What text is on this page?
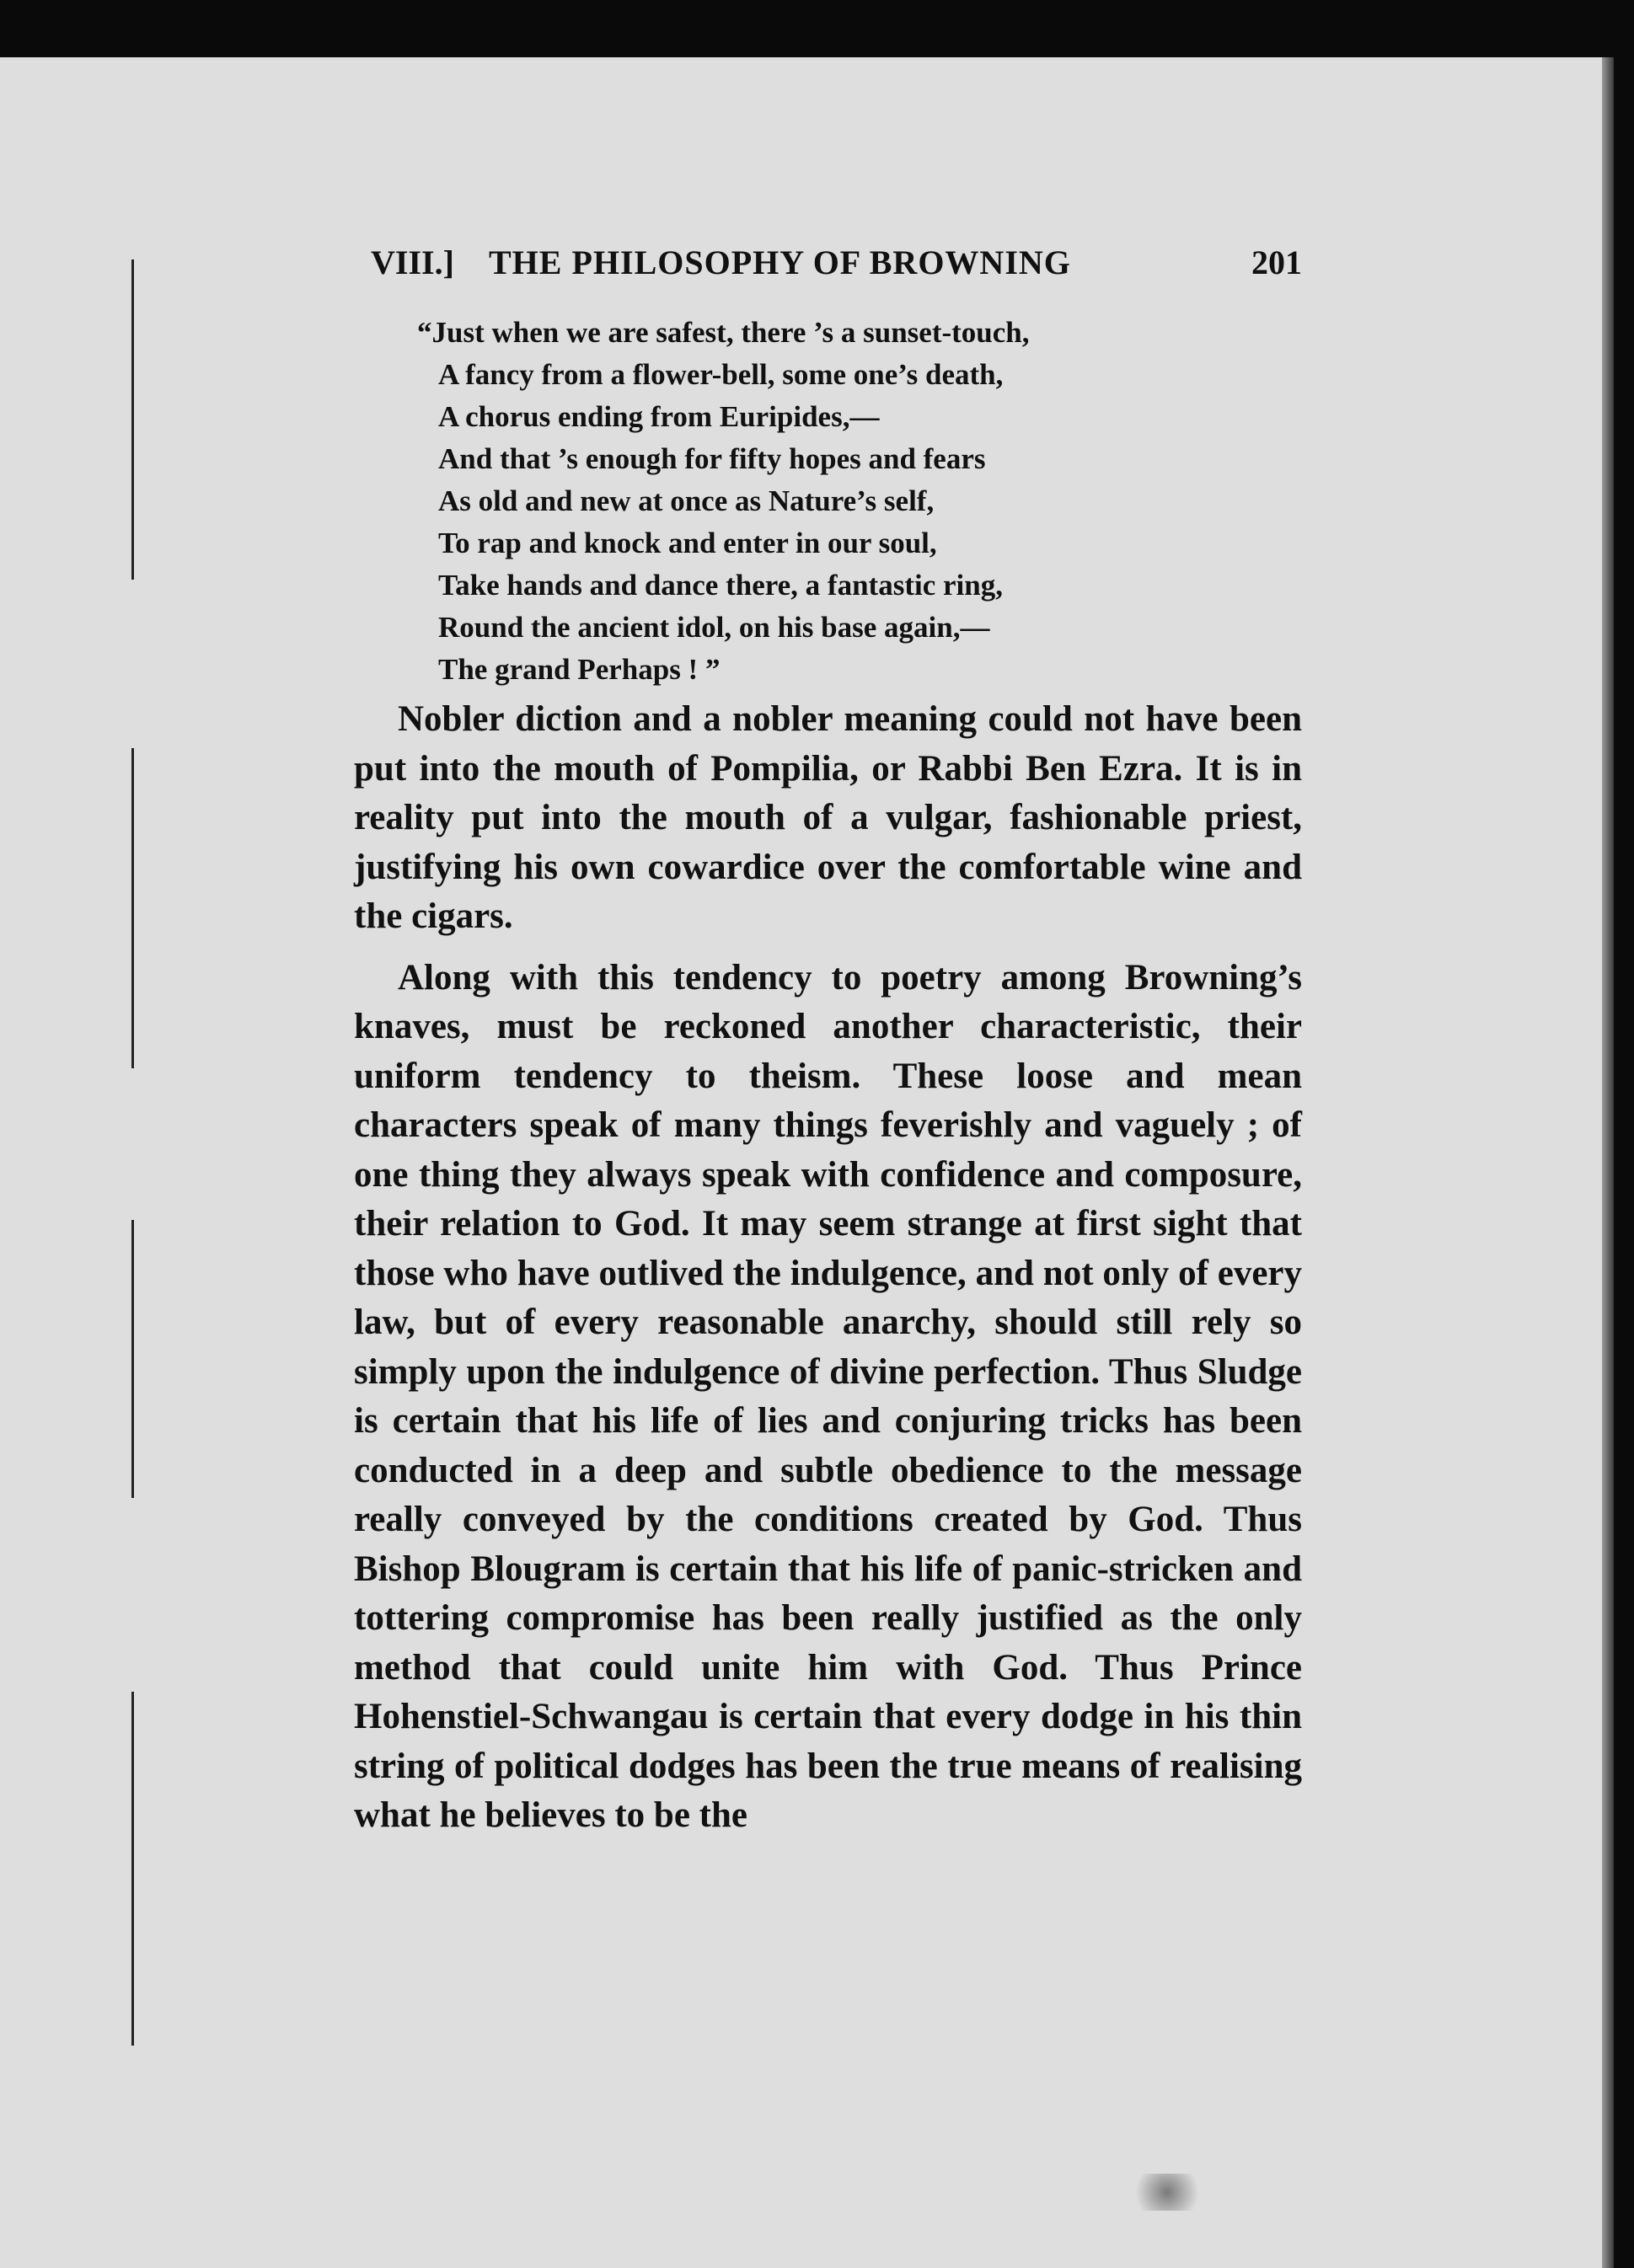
VIII.] THE PHILOSOPHY OF BROWNING	201
“Just when we are safest, there ’s a sunset-touch,
A fancy from a flower-bell, some one’s death,
A chorus ending from Euripides,—
And that ’s enough for fifty hopes and fears
As old and new at once as Nature’s self,
To rap and knock and enter in our soul,
Take hands and dance there, a fantastic ring,
Round the ancient idol, on his base again,—
The grand Perhaps ! ”

Nobler diction and a nobler meaning could not have been put into the mouth of Pompilia, or Rabbi Ben Ezra. It is in reality put into the mouth of a vulgar, fashionable priest, justifying his own cowardice over the comfortable wine and the cigars.

Along with this tendency to poetry among Browning’s knaves, must be reckoned another characteristic, their uniform tendency to theism. These loose and mean characters speak of many things feverishly and vaguely ; of one thing they always speak with confidence and composure, their relation to God. It may seem strange at first sight that those who have outlived the indulgence, and not only of every law, but of every reasonable anarchy, should still rely so simply upon the indulgence of divine perfection. Thus Sludge is certain that his life of lies and conjuring tricks has been conducted in a deep and subtle obedience to the message really conveyed by the conditions created by God. Thus Bishop Blougram is certain that his life of panic-stricken and tottering compromise has been really justified as the only method that could unite him with God. Thus Prince Hohenstiel-Schwangau is certain that every dodge in his thin string of political dodges has been the true means of realising what he believes to be the
